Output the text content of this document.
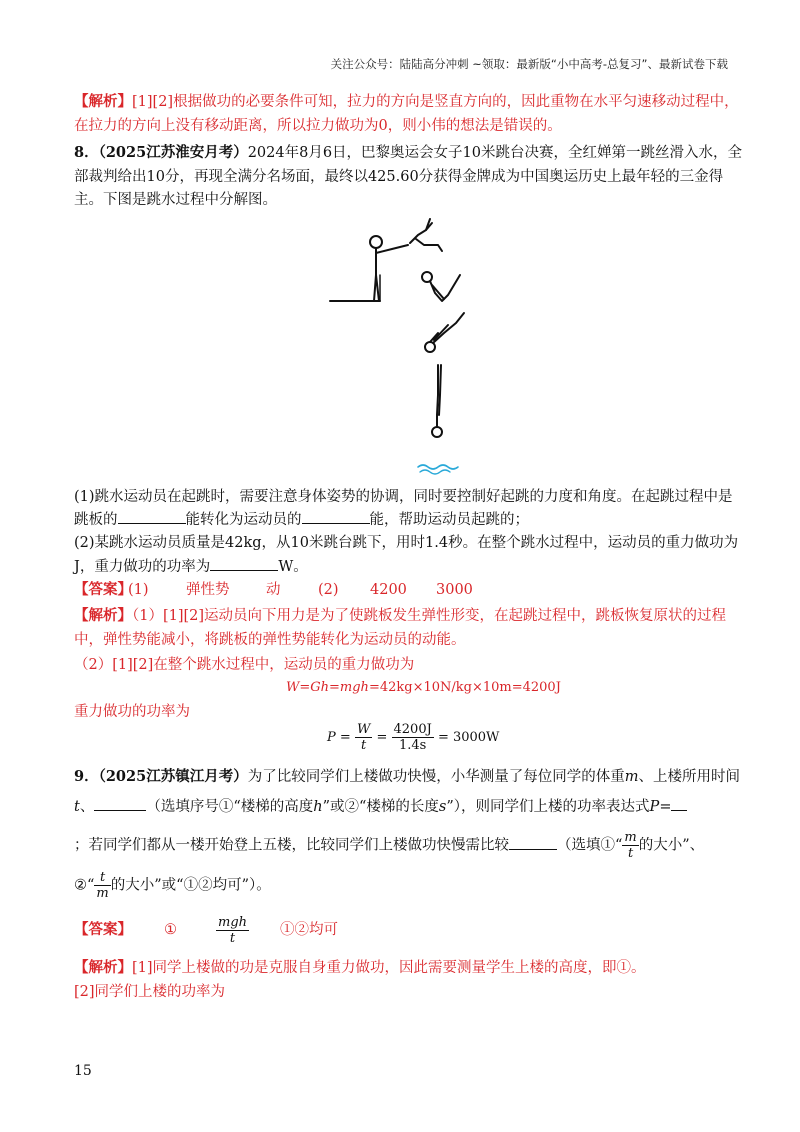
关注公众号：陆陆高分冲刺 ~领取：最新版“小中高考-总复习”、最新试卷下载
【解析】[1][2]根据做功的必要条件可知，拉力的方向是竖直方向的，因此重物在水平匀速移动过程中，
在拉力的方向上没有移动距离，所以拉力做功为0，则小伟的想法是错误的。
8．（2025江苏淮安月考）2024年8月6日，巴黎奥运会女子10米跳台决赛，全红婵第一跳丝滑入水，全
部裁判给出10分，再现全满分名场面，最终以425.60分获得金牌成为中国奥运历史上最年轻的三金得
主。下图是跳水过程中分解图。
(1)跳水运动员在起跳时，需要注意身体姿势的协调，同时要控制好起跳的力度和角度。在起跳过程中是
跳板的	能转化为运动员的	能，帮助运动员起跳的；
(2)某跳水运动员质量是42kg，从10米跳台跳下，用时1.4秒。在整个跳水过程中，运动员的重力做功为
J，重力做功的功率为	W。
【答案】
(1)	弹性势	动	(2) 4200 3000
【解析】（1）[1][2]运动员向下用力是为了使跳板发生弹性形变，在起跳过程中，跳板恢复原状的过程
中，弹性势能减小，将跳板的弹性势能转化为运动员的动能。
（2）[1][2]在整个跳水过程中，运动员的重力做功为
W=Gh=mgh=42kg×10N/kg×10m=4200J
重力做功的功率为
$P = \frac{W}{t} = \frac{4200J}{1.4s} = 3000W$
9．（2025江苏镇江月考）为了比较同学们上楼做功快慢，小华测量了每位同学的体重m、上楼所用时间
t、	（选填序号①“楼梯的高度h”或②“楼梯的长度s”），则同学们上楼的功率表达式P=
；若同学们都从一楼开始登上五楼，比较同学们上楼做功快慢需比较	（选填①“ $\frac{m}{t}$ 的大小”、
②“ $\frac{t}{m}$ 的大小”或“①②均可”）。
【答案】 ①	mgh
t
①②均可
【解析】[1]同学上楼做的功是克服自身重力做功，因此需要测量学生上楼的高度，即①。
[2]同学们上楼的功率为
15
